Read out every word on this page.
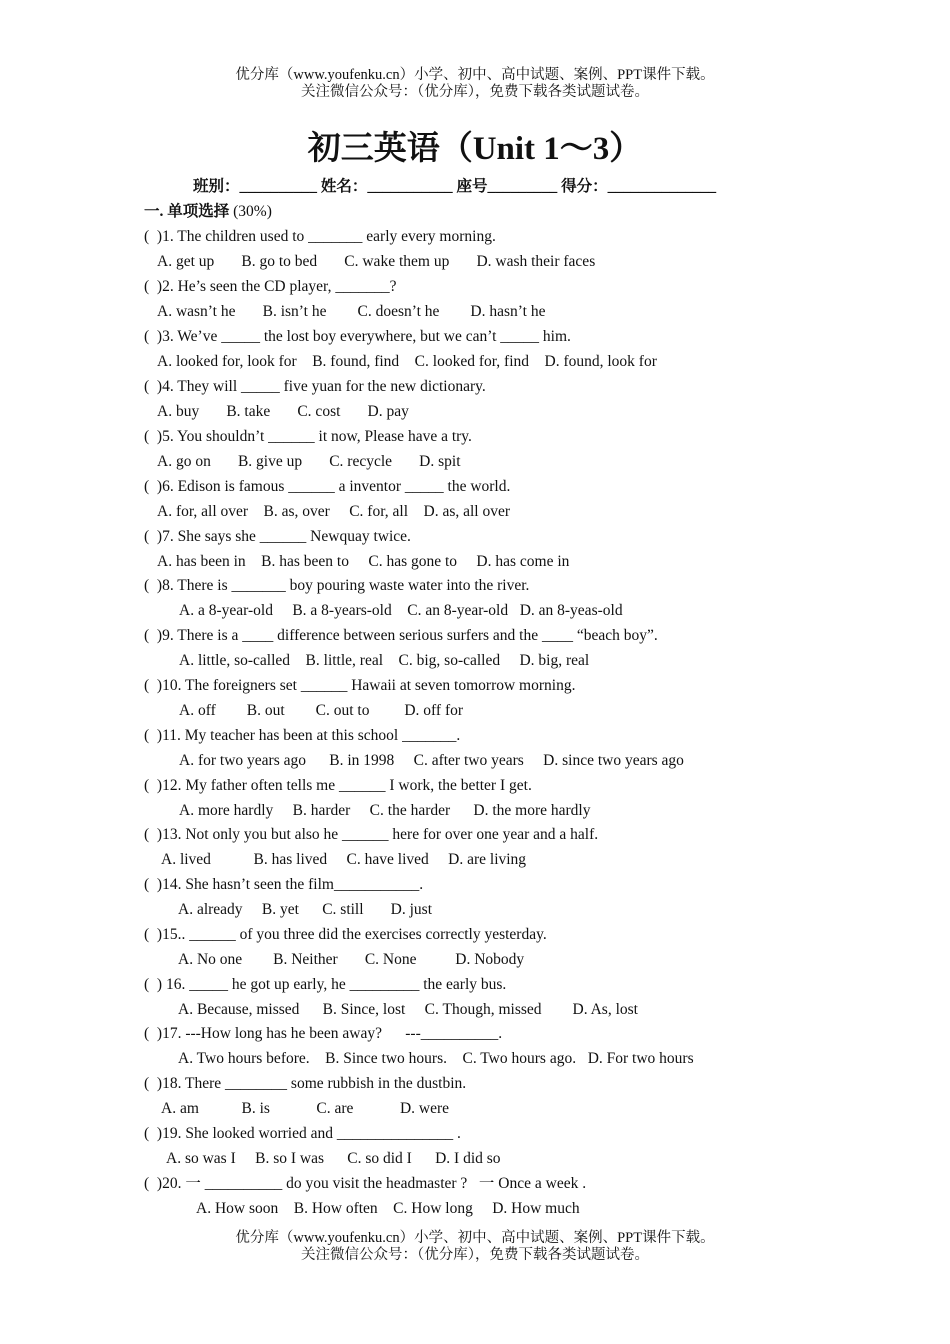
优分库（www.youfenku.cn）小学、初中、高中试题、案例、PPT课件下载。
关注微信公众号：（优分库），免费下载各类试题试卷。
初三英语（Unit 1～3）
班别：__________ 姓名：___________ 座号_________ 得分：______________
一. 单项选择 (30%)
(  )1. The children used to _______ early every morning.
A. get up       B. go to bed       C. wake them up       D. wash their faces
(  )2. He’s seen the CD player, _______?
A. wasn’t he       B. isn’t he        C. doesn’t he        D. hasn’t he
(  )3. We’ve _____ the lost boy everywhere, but we can’t _____ him.
A. looked for, look for    B. found, find    C. looked for, find    D. found, look for
(  )4. They will _____ five yuan for the new dictionary.
A. buy       B. take       C. cost       D. pay
(  )5. You shouldn’t ______ it now, Please have a try.
A. go on       B. give up       C. recycle       D. spit
(  )6. Edison is famous ______ a inventor _____ the world.
A. for, all over    B. as, over     C. for, all    D. as, all over
(  )7. She says she ______ Newquay twice.
A. has been in    B. has been to     C. has gone to     D. has come in
(  )8. There is _______ boy pouring waste water into the river.
A. a 8-year-old     B. a 8-years-old    C. an 8-year-old   D. an 8-yeas-old
(  )9. There is a ____ difference between serious surfers and the ____ “beach boy”.
A. little, so-called    B. little, real    C. big, so-called     D. big, real
(  )10. The foreigners set ______ Hawaii at seven tomorrow morning.
A. off        B. out        C. out to         D. off for
(  )11. My teacher has been at this school _______.
A. for two years ago      B. in 1998     C. after two years     D. since two years ago
(  )12. My father often tells me ______ I work, the better I get.
A. more hardly     B. harder     C. the harder      D. the more hardly
(  )13. Not only you but also he ______ here for over one year and a half.
A. lived           B. has lived     C. have lived     D. are living
(  )14. She hasn’t seen the film___________.
A. already     B. yet      C. still       D. just
(  )15.. ______ of you three did the exercises correctly yesterday.
A. No one        B. Neither       C. None          D. Nobody
(  ) 16. _____ he got up early, he _________ the early bus.
A. Because, missed      B. Since, lost     C. Though, missed        D. As, lost
(  )17. ---How long has he been away?      ---__________.
A. Two hours before.    B. Since two hours.    C. Two hours ago.   D. For two hours
(  )18. There ________ some rubbish in the dustbin.
A. am           B. is            C. are            D. were
(  )19. She looked worried and _______________ .
A. so was I     B. so I was      C. so did I      D. I did so
(  )20. 一 __________ do you visit the headmaster ?   一 Once a week .
A. How soon    B. How often    C. How long     D. How much
优分库（www.youfenku.cn）小学、初中、高中试题、案例、PPT课件下载。
关注微信公众号：（优分库），免费下载各类试题试卷。
